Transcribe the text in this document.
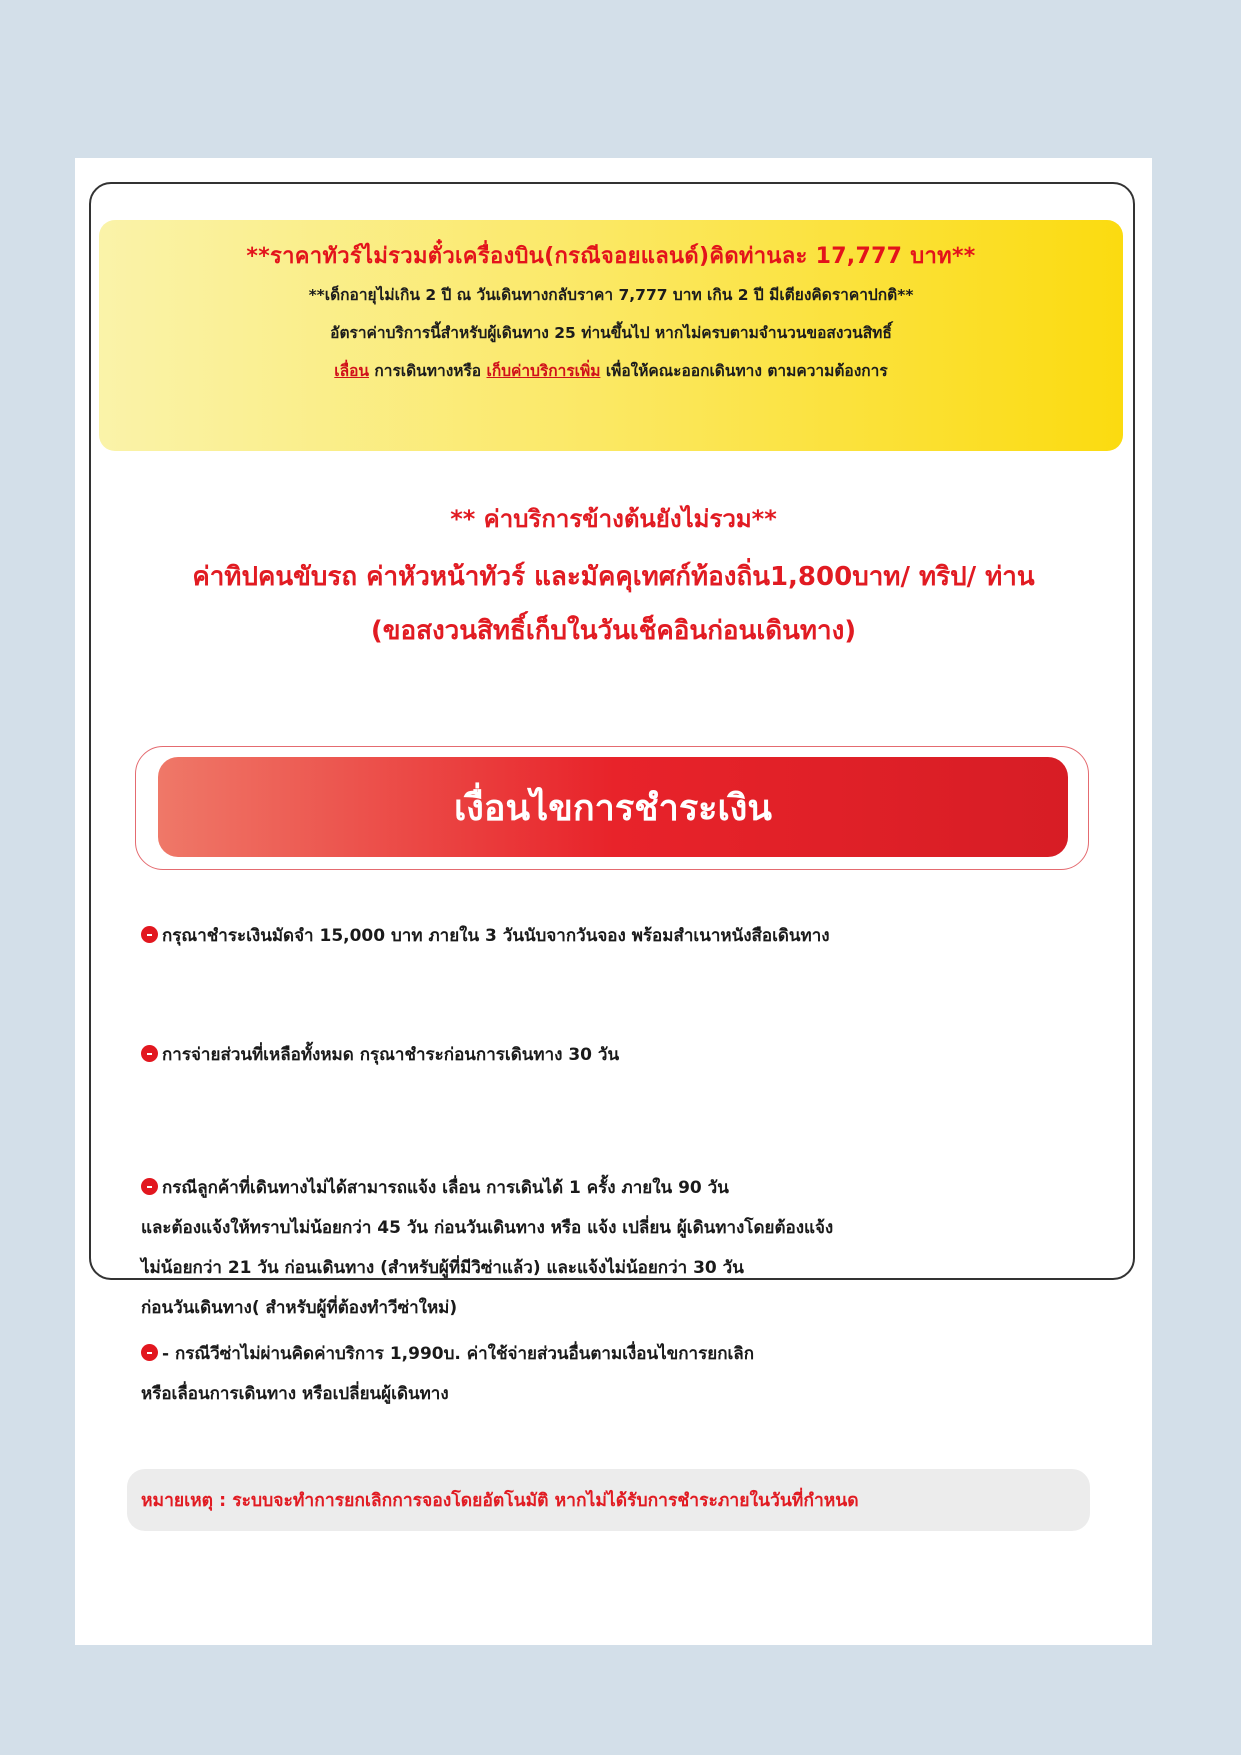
**ราคาทัวร์ไม่รวมตั๋วเครื่องบิน(กรณีจอยแลนด์)คิดท่านละ 17,777 บาท**
**เด็กอายุไม่เกิน 2 ปี ณ วันเดินทางกลับราคา 7,777 บาท เกิน 2 ปี มีเตียงคิดราคาปกติ**
อัตราค่าบริการนี้สำหรับผู้เดินทาง 25 ท่านขึ้นไป หากไม่ครบตามจำนวนขอสงวนสิทธิ์
เลื่อน การเดินทางหรือ เก็บค่าบริการเพิ่ม เพื่อให้คณะออกเดินทาง ตามความต้องการ
** ค่าบริการข้างต้นยังไม่รวม**
ค่าทิปคนขับรถ ค่าหัวหน้าทัวร์ และมัคคุเทศก์ท้องถิ่น1,800บาท/ ทริป/ ท่าน
(ขอสงวนสิทธิ์เก็บในวันเช็คอินก่อนเดินทาง)
เงื่อนไขการชำระเงิน
กรุณาชำระเงินมัดจำ 15,000 บาท ภายใน 3 วันนับจากวันจอง พร้อมสำเนาหนังสือเดินทาง
การจ่ายส่วนที่เหลือทั้งหมด กรุณาชำระก่อนการเดินทาง 30 วัน
กรณีลูกค้าที่เดินทางไม่ได้สามารถแจ้ง เลื่อน การเดินได้ 1 ครั้ง ภายใน 90 วัน
และต้องแจ้งให้ทราบไม่น้อยกว่า 45 วัน ก่อนวันเดินทาง หรือ แจ้ง เปลี่ยน ผู้เดินทางโดยต้องแจ้ง
ไม่น้อยกว่า 21 วัน ก่อนเดินทาง (สำหรับผู้ที่มีวิซ่าแล้ว) และแจ้งไม่น้อยกว่า 30 วัน
ก่อนวันเดินทาง( สำหรับผู้ที่ต้องทำวีซ่าใหม่)
- กรณีวีซ่าไม่ผ่านคิดค่าบริการ 1,990บ. ค่าใช้จ่ายส่วนอื่นตามเงื่อนไขการยกเลิก
หรือเลื่อนการเดินทาง หรือเปลี่ยนผู้เดินทาง
หมายเหตุ : ระบบจะทำการยกเลิกการจองโดยอัตโนมัติ หากไม่ได้รับการชำระภายในวันที่กำหนด
